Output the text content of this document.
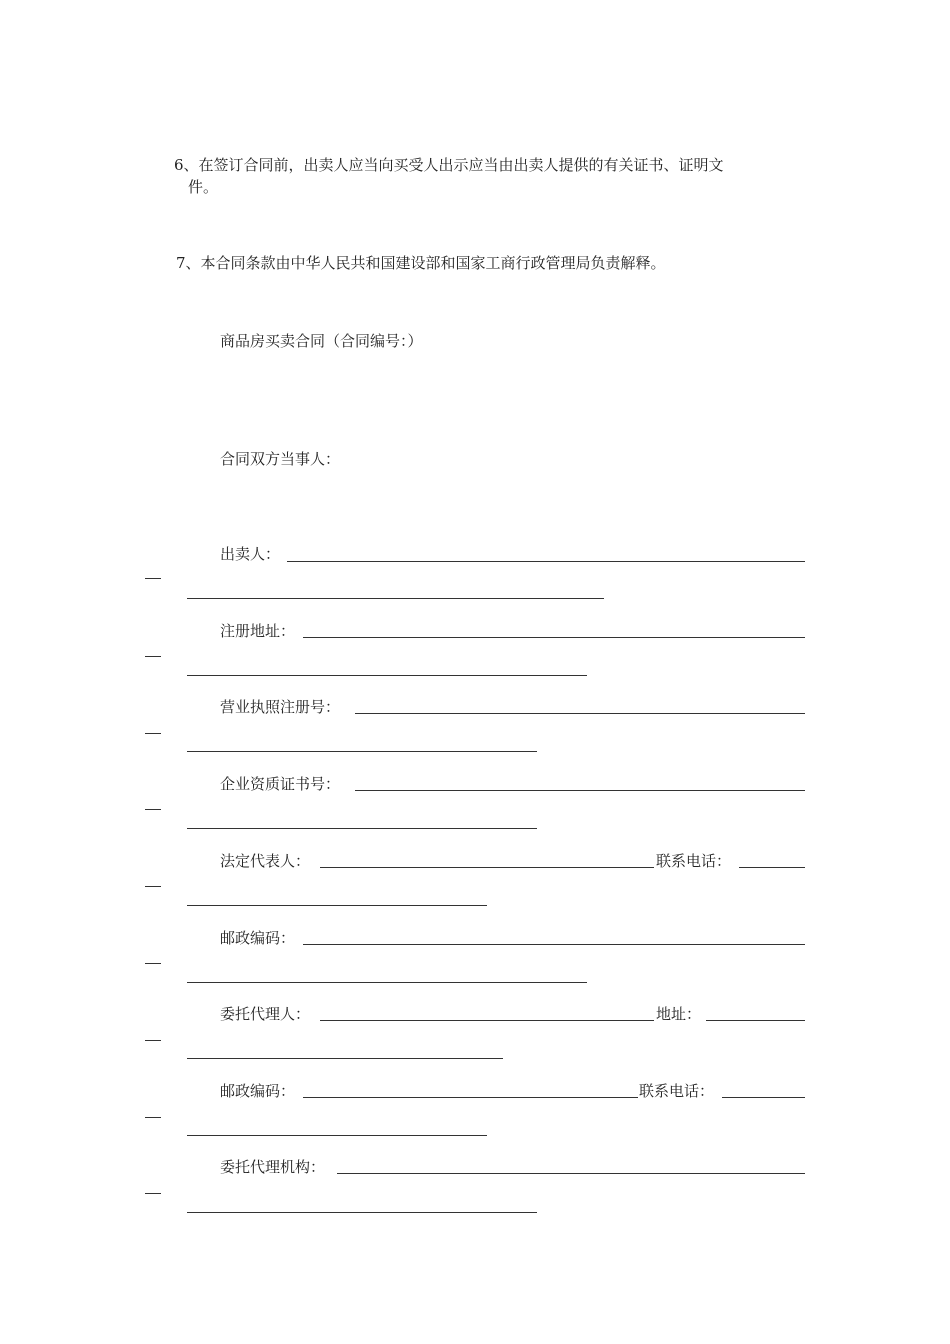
6、在签订合同前，出卖人应当向买受人出示应当由出卖人提供的有关证书、证明文
件。
7、本合同条款由中华人民共和国建设部和国家工商行政管理局负责解释。
商品房买卖合同（合同编号：）
合同双方当事人：
出卖人：
注册地址：
营业执照注册号：
企业资质证书号：
法定代表人：	联系电话：
邮政编码：
委托代理人：	地址：
邮政编码：	联系电话：
委托代理机构：
